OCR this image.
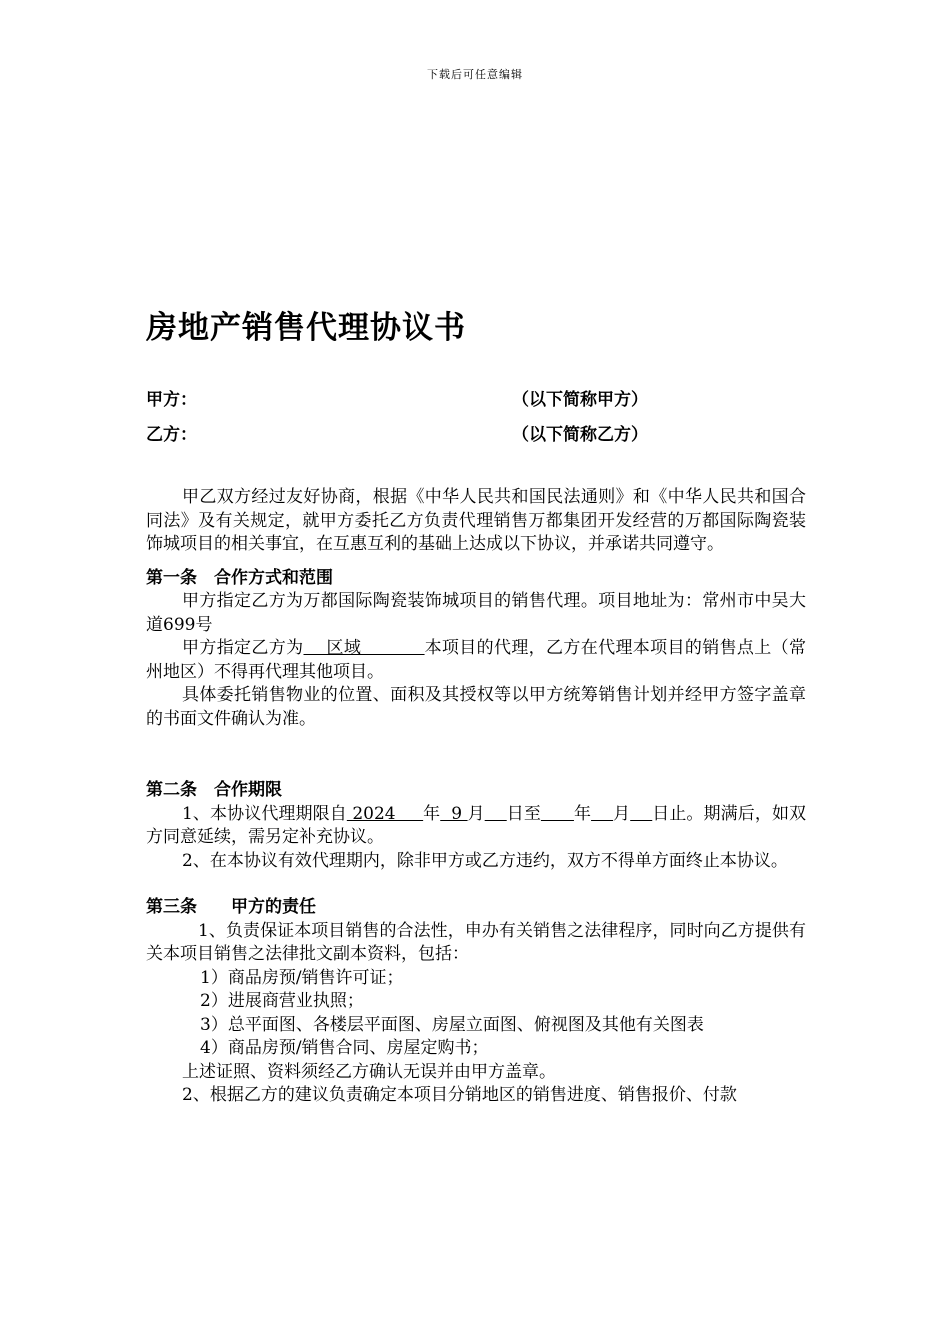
下载后可任意编辑
房地产销售代理协议书
甲方：	（以下简称甲方）
乙方：	（以下简称乙方）

甲乙双方经过友好协商，根据《中华人民共和国民法通则》和《中华人民共和国合同法》及有关规定，就甲方委托乙方负责代理销售万都集团开发经营的万都国际陶瓷装饰城项目的相关事宜，在互惠互利的基础上达成以下协议，并承诺共同遵守。

第一条　合作方式和范围

甲方指定乙方为万都国际陶瓷装饰城项目的销售代理。项目地址为：常州市中吴大道699号

甲方指定乙方为    区域           本项目的代理，乙方在代理本项目的销售点上（常州地区）不得再代理其他项目。

具体委托销售物业的位置、面积及其授权等以甲方统筹销售计划并经甲方签字盖章的书面文件确认为准。

第二条　合作期限

1、本协议代理期限自 2024     年  9 月 日至 年 月 日止。期满后，如双方同意延续，需另定补充协议。

2、在本协议有效代理期内，除非甲方或乙方违约，双方不得单方面终止本协议。

第三条　　甲方的责任

1、负责保证本项目销售的合法性，申办有关销售之法律程序，同时向乙方提供有关本项目销售之法律批文副本资料，包括：

1）商品房预/销售许可证；

2）进展商营业执照；

3）总平面图、各楼层平面图、房屋立面图、俯视图及其他有关图表

4）商品房预/销售合同、房屋定购书；

上述证照、资料须经乙方确认无误并由甲方盖章。

2、根据乙方的建议负责确定本项目分销地区的销售进度、销售报价、付款
